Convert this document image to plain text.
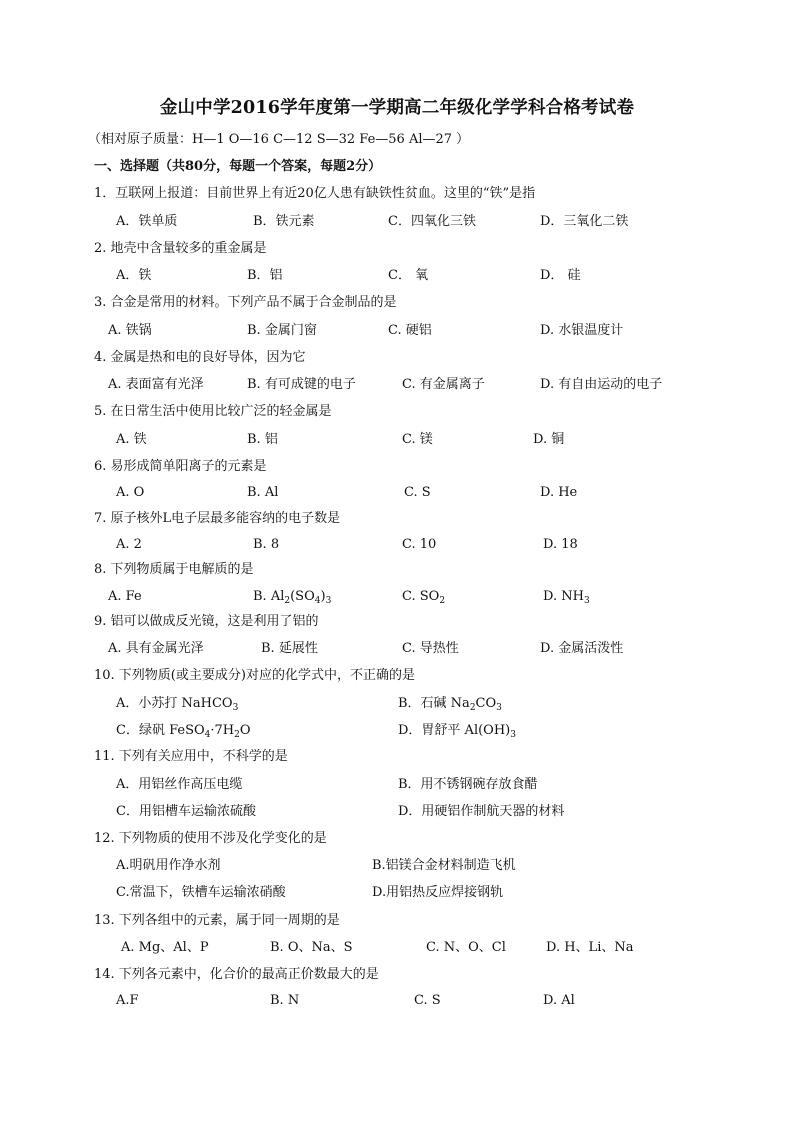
金山中学2016学年度第一学期高二年级化学学科合格考试卷
（相对原子质量：H—1 O—16 C—12 S—32 Fe—56 Al—27 ）
一、选择题（共80分，每题一个答案，每题2分）
1．互联网上报道：目前世界上有近20亿人患有缺铁性贫血。这里的“铁”是指
A．铁单质	B．铁元素	C．四氧化三铁	D．三氧化二铁
2. 地壳中含量较多的重金属是
A．铁	B．铝	C． 氧	D． 硅
3. 合金是常用的材料。下列产品不属于合金制品的是
A. 铁锅	B. 金属门窗	C. 硬铝	D. 水银温度计
4. 金属是热和电的良好导体，因为它
A. 表面富有光泽	B. 有可成键的电子	C. 有金属离子	D. 有自由运动的电子
5. 在日常生活中使用比较广泛的轻金属是
A. 铁	B. 铝	C. 镁	D. 铜
6. 易形成简单阳离子的元素是
A. O	B. Al	C. S	D. He
7. 原子核外L电子层最多能容纳的电子数是
A. 2	B. 8	C. 10	D. 18
8. 下列物质属于电解质的是
A. Fe	B. $Al_2(SO_4)_3$	C. $SO_2$	D. $NH_3$
9. 铝可以做成反光镜，这是利用了铝的
A. 具有金属光泽	B. 延展性	C. 导热性	D. 金属活泼性
10. 下列物质(或主要成分)对应的化学式中，不正确的是
A．小苏打 NaHCO$_3$	B．石碱 $Na_2CO_3$
C．绿矾 $FeSO_4\cdot 7H_2O$	D．胃舒平 $Al(OH)_3$
11. 下列有关应用中，不科学的是
A．用铝丝作高压电缆	B．用不锈钢碗存放食醋
C．用铝槽车运输浓硫酸	D．用硬铝作制航天器的材料
12. 下列物质的使用不涉及化学变化的是
A.明矾用作净水剂	B.铝镁合金材料制造飞机
C.常温下，铁槽车运输浓硝酸	D.用铝热反应焊接钢轨
13. 下列各组中的元素，属于同一周期的是
A. Mg、Al、P	B. O、Na、S	C. N、O、Cl	D. H、Li、Na
14. 下列各元素中，化合价的最高正价数最大的是
A.F	B. N	C. S	D. Al
